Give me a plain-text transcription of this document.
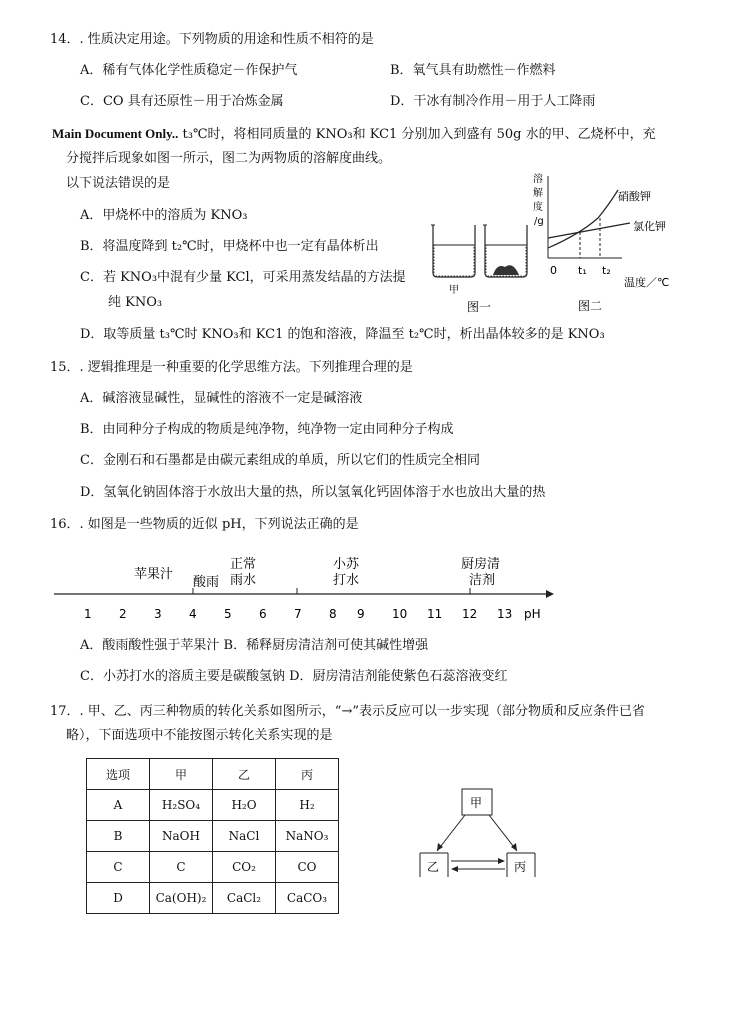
14．. 性质决定用途。下列物质的用途和性质不相符的是
A．稀有气体化学性质稳定－作保护气	B．氧气具有助燃性－作燃料
C．CO 具有还原性－用于冶炼金属	D．干冰有制冷作用－用于人工降雨
Main Document Only.. t₃℃时，将相同质量的 KNO₃和 KC1 分别加入到盛有 50g 水的甲、乙烧杯中，充
分搅拌后现象如图一所示，图二为两物质的溶解度曲线。
以下说法错误的是
A．甲烧杯中的溶质为 KNO₃
B．将温度降到 t₂℃时，甲烧杯中也一定有晶体析出
C．若 KNO₃中混有少量 KCl，可采用蒸发结晶的方法提
纯 KNO₃
D．取等质量 t₃℃时 KNO₃和 KC1 的饱和溶液，降温至 t₂℃时，析出晶体较多的是 KNO₃
甲
图一
溶
解
度
/g
硝酸钾
氯化钾
0 t₁ t₂
温度／℃
图二
15．. 逻辑推理是一种重要的化学思维方法。下列推理合理的是
A．碱溶液显碱性，显碱性的溶液不一定是碱溶液
B．由同种分子构成的物质是纯净物，纯净物一定由同种分子构成
C．金刚石和石墨都是由碳元素组成的单质，所以它们的性质完全相同
D．氢氧化钠固体溶于水放出大量的热，所以氢氧化钙固体溶于水也放出大量的热
16．. 如图是一些物质的近似 pH，下列说法正确的是
苹果汁
酸雨
正常
雨水
小苏
打水
厨房清
洁剂
1 2 3 4 5 6 7 8 9 10 11 12 13 pH
A．酸雨酸性强于苹果汁 B．稀释厨房清洁剂可使其碱性增强
C．小苏打水的溶质主要是碳酸氢钠 D．厨房清洁剂能使紫色石蕊溶液变红
17．. 甲、乙、丙三种物质的转化关系如图所示，“→”表示反应可以一步实现（部分物质和反应条件已省
略），下面选项中不能按图示转化关系实现的是
选项	甲	乙	丙
A	H₂SO₄	H₂O	H₂
B	NaOH	NaCl	NaNO₃
C	C	CO₂	CO
D	Ca(OH)₂	CaCl₂	CaCO₃
甲
乙	丙
